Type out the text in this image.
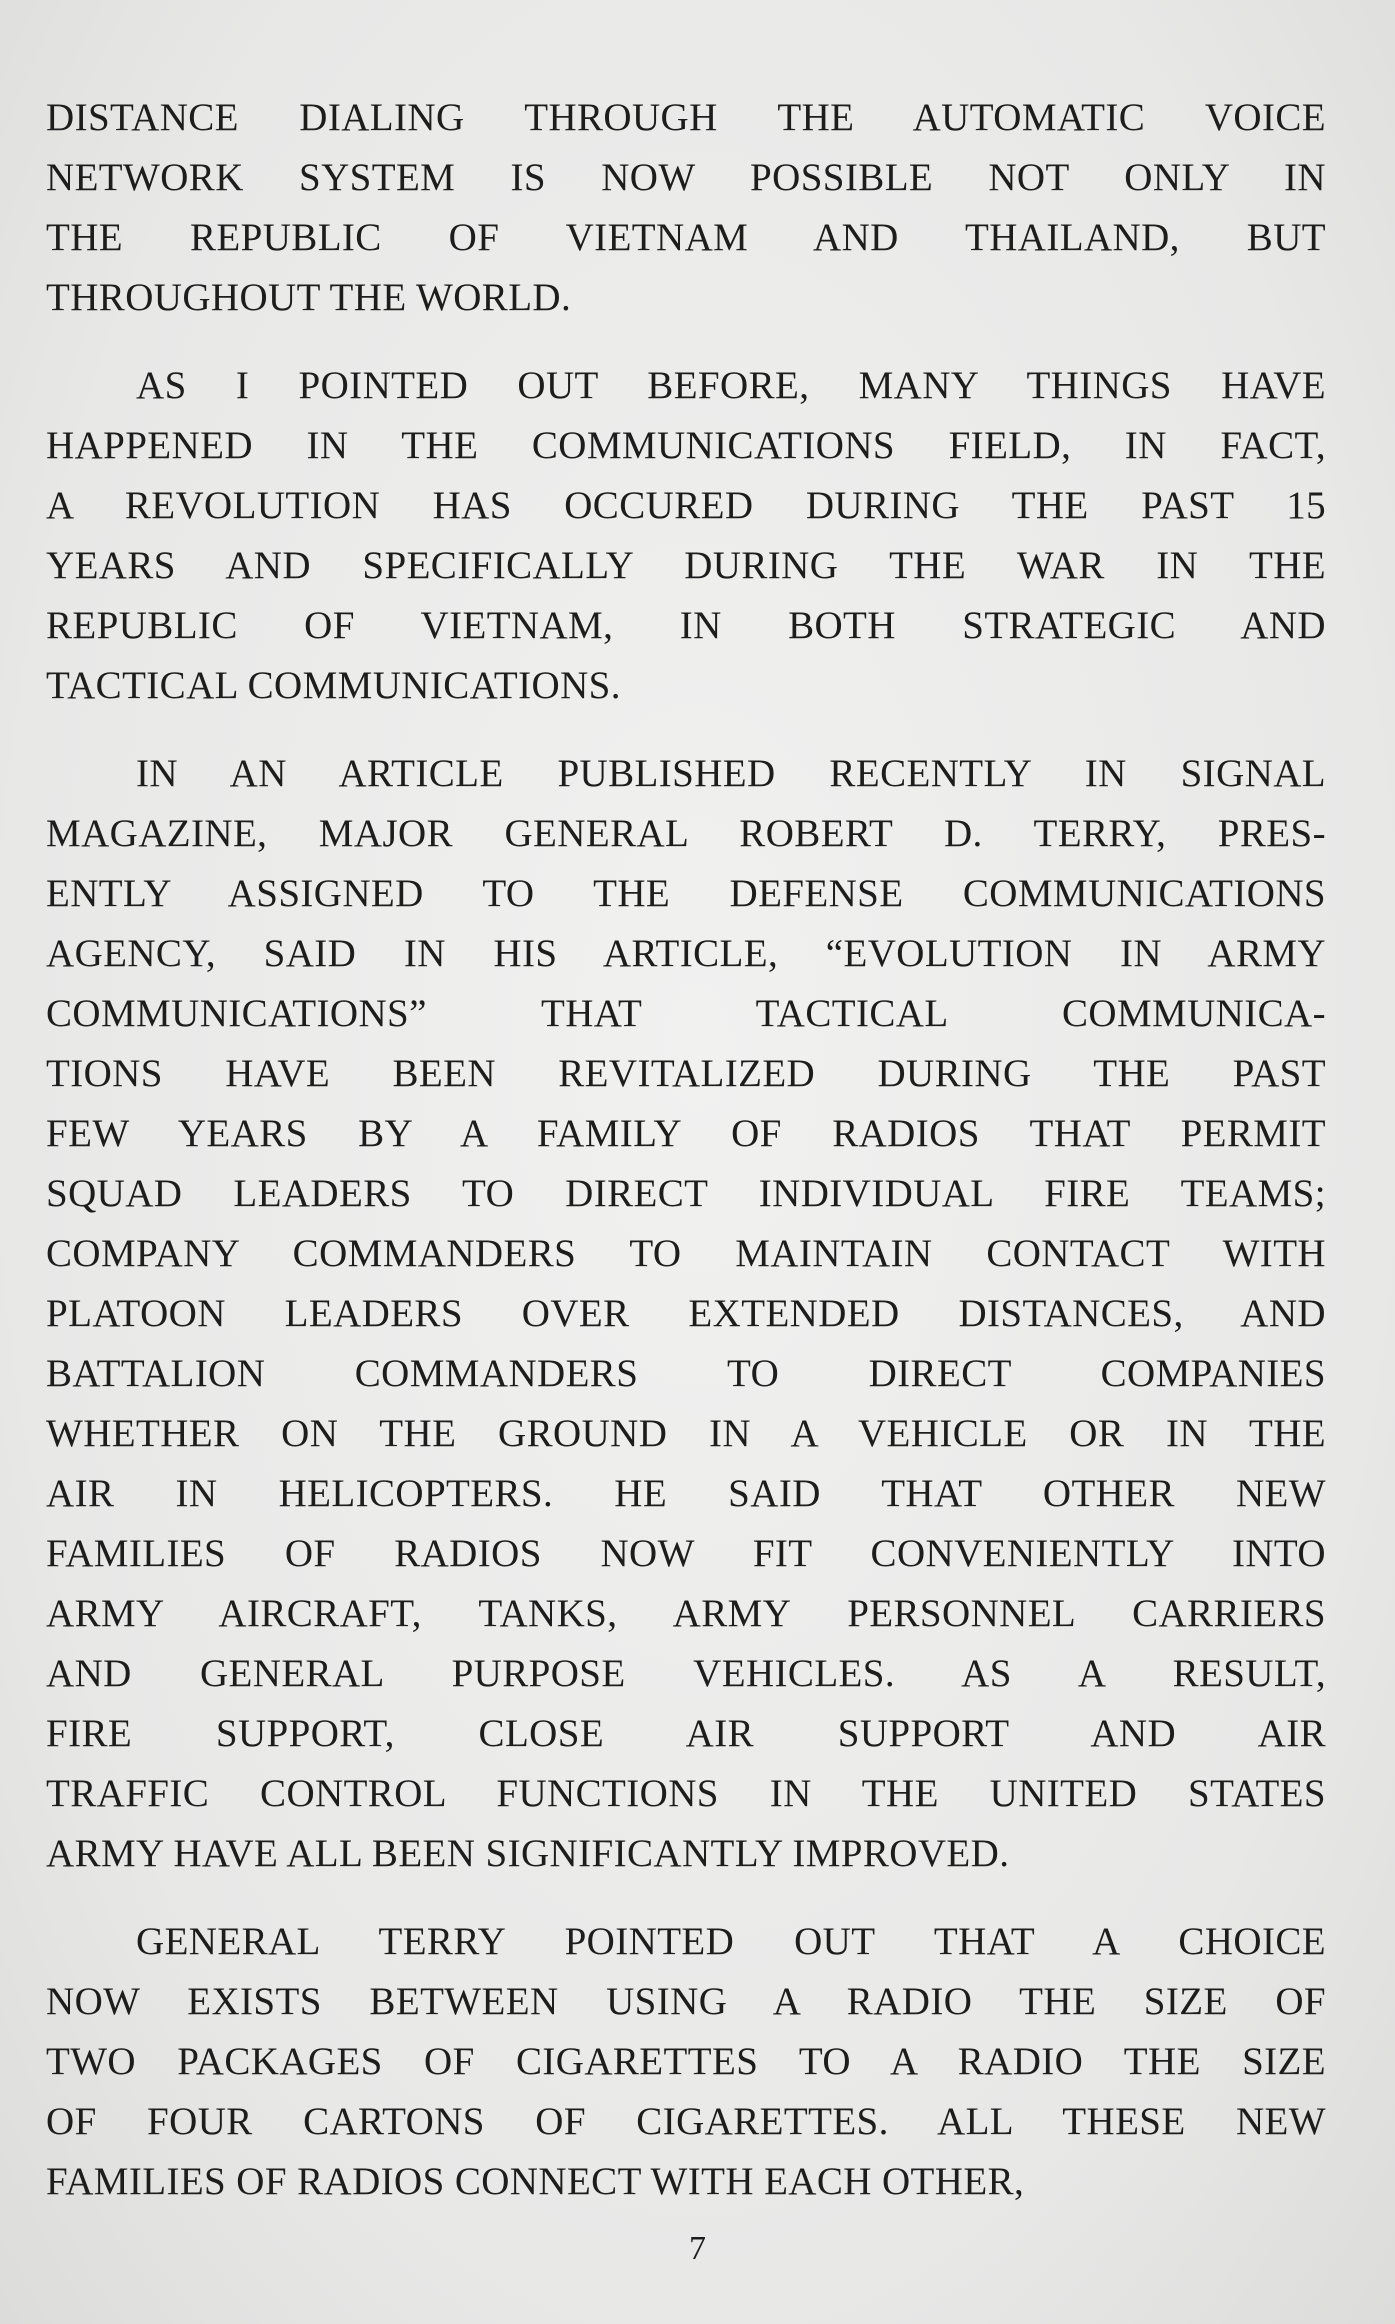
DISTANCE DIALING THROUGH THE AUTOMATIC VOICE
NETWORK SYSTEM IS NOW POSSIBLE NOT ONLY IN
THE REPUBLIC OF VIETNAM AND THAILAND, BUT
THROUGHOUT THE WORLD.
AS I POINTED OUT BEFORE, MANY THINGS HAVE
HAPPENED IN THE COMMUNICATIONS FIELD, IN FACT,
A REVOLUTION HAS OCCURED DURING THE PAST 15
YEARS AND SPECIFICALLY DURING THE WAR IN THE
REPUBLIC OF VIETNAM, IN BOTH STRATEGIC AND
TACTICAL COMMUNICATIONS.
IN AN ARTICLE PUBLISHED RECENTLY IN SIGNAL
MAGAZINE, MAJOR GENERAL ROBERT D. TERRY, PRES-
ENTLY ASSIGNED TO THE DEFENSE COMMUNICATIONS
AGENCY, SAID IN HIS ARTICLE, “EVOLUTION IN ARMY
COMMUNICATIONS” THAT TACTICAL COMMUNICA-
TIONS HAVE BEEN REVITALIZED DURING THE PAST
FEW YEARS BY A FAMILY OF RADIOS THAT PERMIT
SQUAD LEADERS TO DIRECT INDIVIDUAL FIRE TEAMS;
COMPANY COMMANDERS TO MAINTAIN CONTACT WITH
PLATOON LEADERS OVER EXTENDED DISTANCES, AND
BATTALION COMMANDERS TO DIRECT COMPANIES
WHETHER ON THE GROUND IN A VEHICLE OR IN THE
AIR IN HELICOPTERS. HE SAID THAT OTHER NEW
FAMILIES OF RADIOS NOW FIT CONVENIENTLY INTO
ARMY AIRCRAFT, TANKS, ARMY PERSONNEL CARRIERS
AND GENERAL PURPOSE VEHICLES. AS A RESULT,
FIRE SUPPORT, CLOSE AIR SUPPORT AND AIR
TRAFFIC CONTROL FUNCTIONS IN THE UNITED STATES
ARMY HAVE ALL BEEN SIGNIFICANTLY IMPROVED.
GENERAL TERRY POINTED OUT THAT A CHOICE
NOW EXISTS BETWEEN USING A RADIO THE SIZE OF
TWO PACKAGES OF CIGARETTES TO A RADIO THE SIZE
OF FOUR CARTONS OF CIGARETTES. ALL THESE NEW
FAMILIES OF RADIOS CONNECT WITH EACH OTHER,
7
